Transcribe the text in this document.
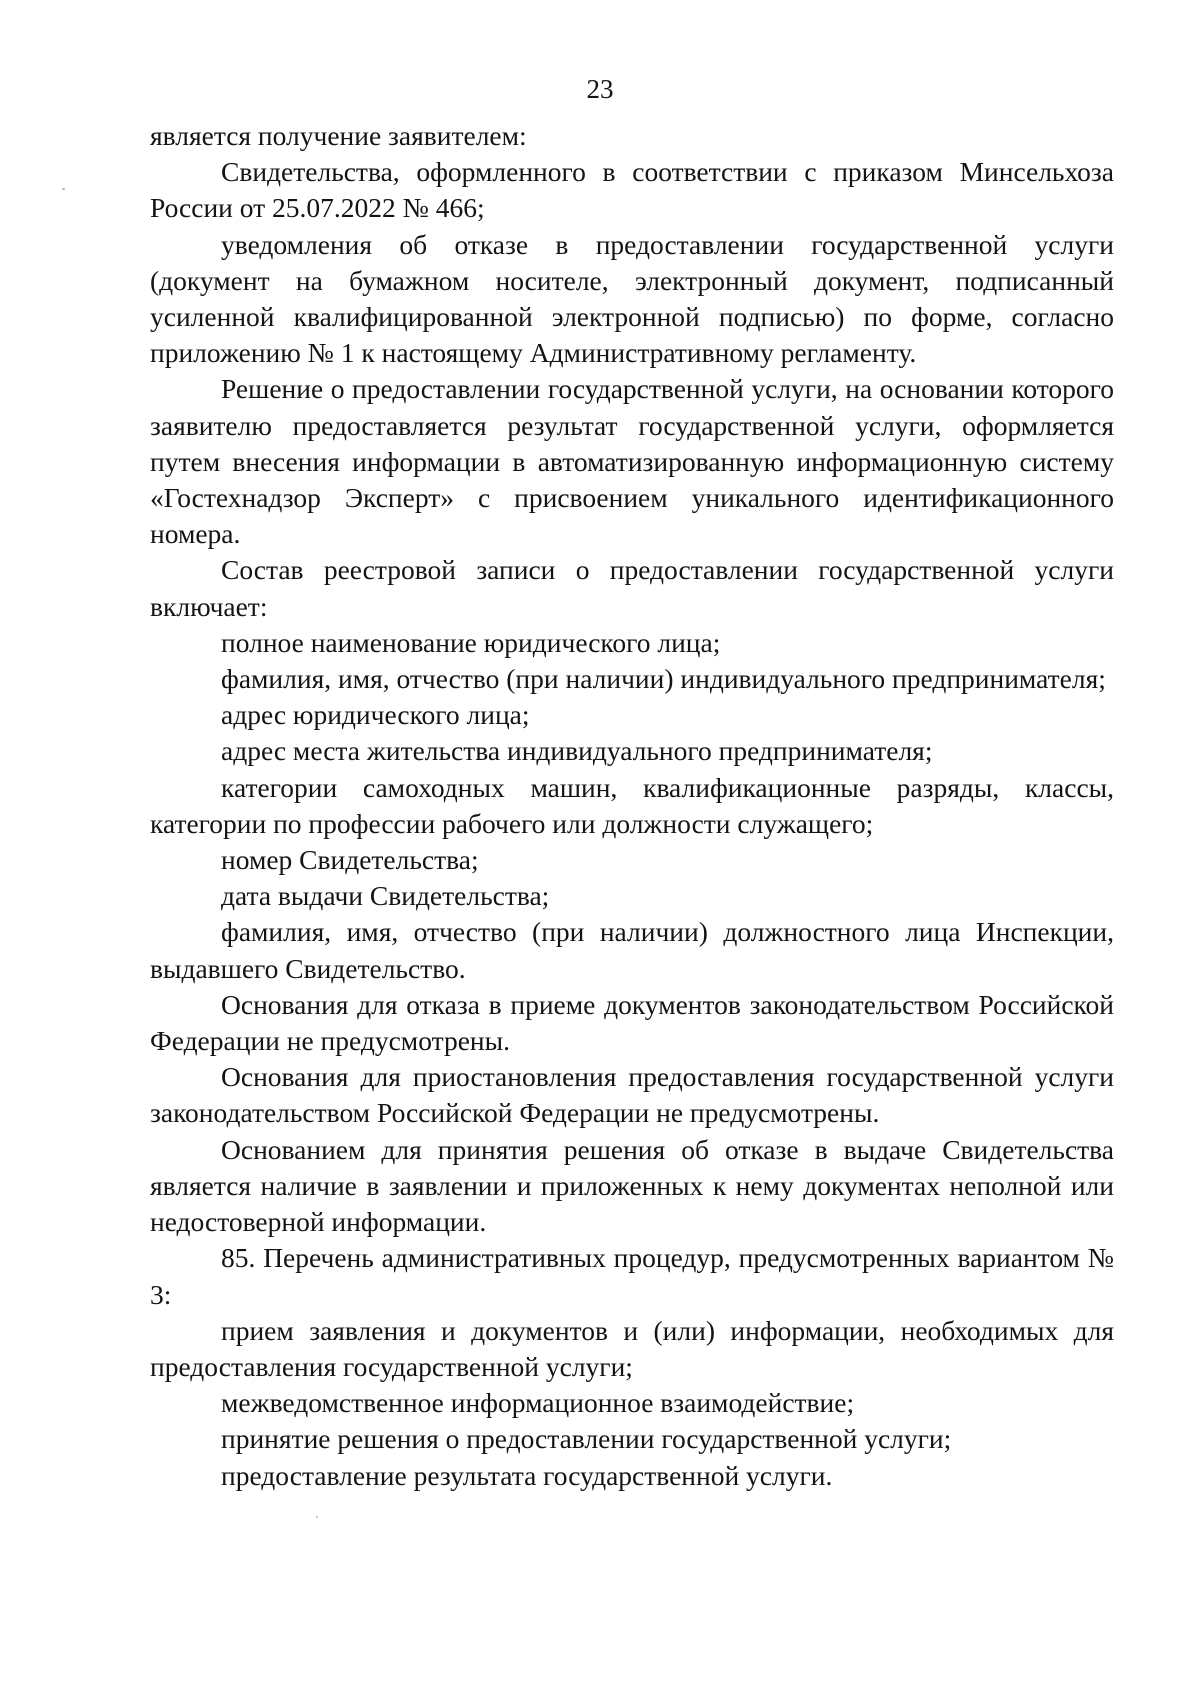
23

является получение заявителем:

Свидетельства, оформленного в соответствии с приказом Минсельхоза России от 25.07.2022 № 466;

уведомления об отказе в предоставлении государственной услуги (документ на бумажном носителе, электронный документ, подписанный усиленной квалифицированной электронной подписью) по форме, согласно приложению № 1 к настоящему Административному регламенту.

Решение о предоставлении государственной услуги, на основании которого заявителю предоставляется результат государственной услуги, оформляется путем внесения информации в автоматизированную информационную систему «Гостехнадзор Эксперт» с присвоением уникального идентификационного номера.

Состав реестровой записи о предоставлении государственной услуги включает:

полное наименование юридического лица;

фамилия, имя, отчество (при наличии) индивидуального предпринимателя;

адрес юридического лица;

адрес места жительства индивидуального предпринимателя;

категории самоходных машин, квалификационные разряды, классы, категории по профессии рабочего или должности служащего;

номер Свидетельства;

дата выдачи Свидетельства;

фамилия, имя, отчество (при наличии) должностного лица Инспекции, выдавшего Свидетельство.

Основания для отказа в приеме документов законодательством Российской Федерации не предусмотрены.

Основания для приостановления предоставления государственной услуги законодательством Российской Федерации не предусмотрены.

Основанием для принятия решения об отказе в выдаче Свидетельства является наличие в заявлении и приложенных к нему документах неполной или недостоверной информации.

85. Перечень административных процедур, предусмотренных вариантом № 3:

прием заявления и документов и (или) информации, необходимых для предоставления государственной услуги;

межведомственное информационное взаимодействие;

принятие решения о предоставлении государственной услуги;

предоставление результата государственной услуги.
